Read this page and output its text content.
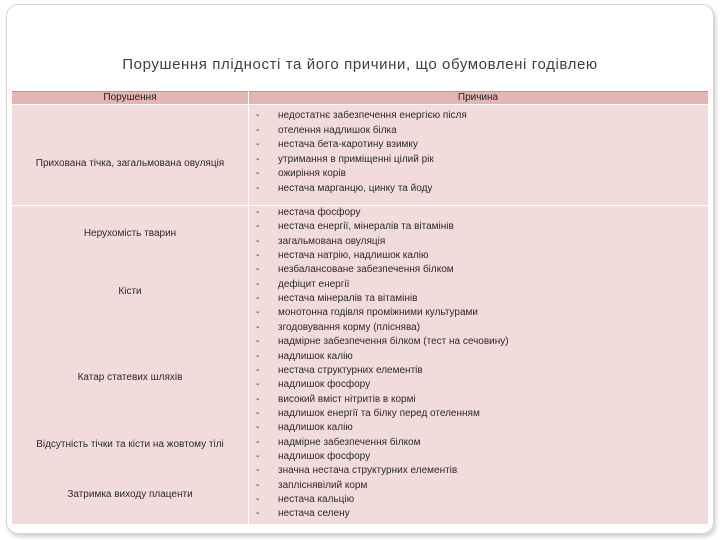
Порушення плідності та його причини, що обумовлені годівлею
Порушення	Причина
Прихована тічка, загальмована овуляція
Нерухомість тварин
Кісти
Катар статевих шляхів
Відсутність тічки та кісти на жовтому тілі
Затримка виходу плаценти
- недостатнє забезпечення енергією після
- отелення надлишок білка
- нестача бета-каротину взимку
- утримання в приміщенні цілий рік
- ожиріння корів
- нестача марганцю, цинку та йоду
- нестача фосфору
- нестача енергії, мінералів та вітамінів
- загальмована овуляція
- нестача натрію, надлишок калію
- незбалансоване забезпечення білком
- дефіцит енергії
- нестача мінералів та вітамінів
- монотонна годівля проміжними культурами
- згодовування корму (пліснява)
- надмірне забезпечення білком (тест на сечовину)
- надлишок калію
- нестача структурних елементів
- надлишок фосфору
- високий вміст нітритів в кормі
- надлишок енергії та білку перед отеленням
- надлишок калію
- надмірне забезпечення білком
- надлишок фосфору
- значна нестача структурних елементів
- запліснявілий корм
- нестача кальцію
- нестача селену
